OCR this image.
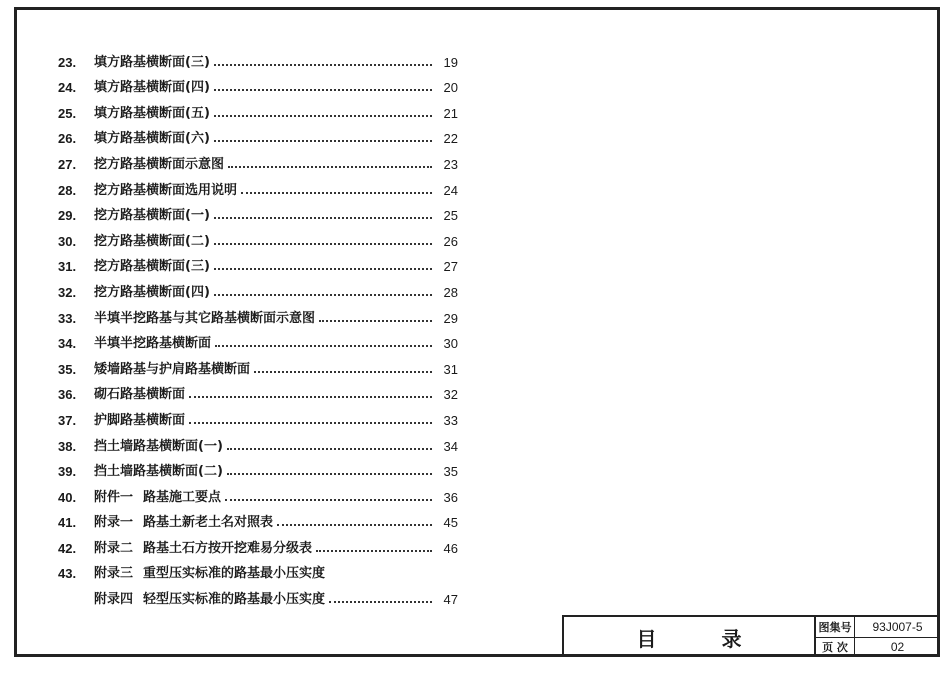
23.	填方路基横断面(三)	19
24.	填方路基横断面(四)	20
25.	填方路基横断面(五)	21
26.	填方路基横断面(六)	22
27.	挖方路基横断面示意图	23
28.	挖方路基横断面选用说明	24
29.	挖方路基横断面(一)	25
30.	挖方路基横断面(二)	26
31.	挖方路基横断面(三)	27
32.	挖方路基横断面(四)	28
33.	半填半挖路基与其它路基横断面示意图	29
34.	半填半挖路基横断面	30
35.	矮墙路基与护肩路基横断面	31
36.	砌石路基横断面	32
37.	护脚路基横断面	33
38.	挡土墙路基横断面(一)	34
39.	挡土墙路基横断面(二)	35
40.	附件一 路基施工要点	36
41.	附录一 路基土新老土名对照表	45
42.	附录二 路基土石方按开挖难易分级表	46
43.	附录三 重型压实标准的路基最小压实度
附录四 轻型压实标准的路基最小压实度	47
目	录	图集号	93J007-5
页 次	02
